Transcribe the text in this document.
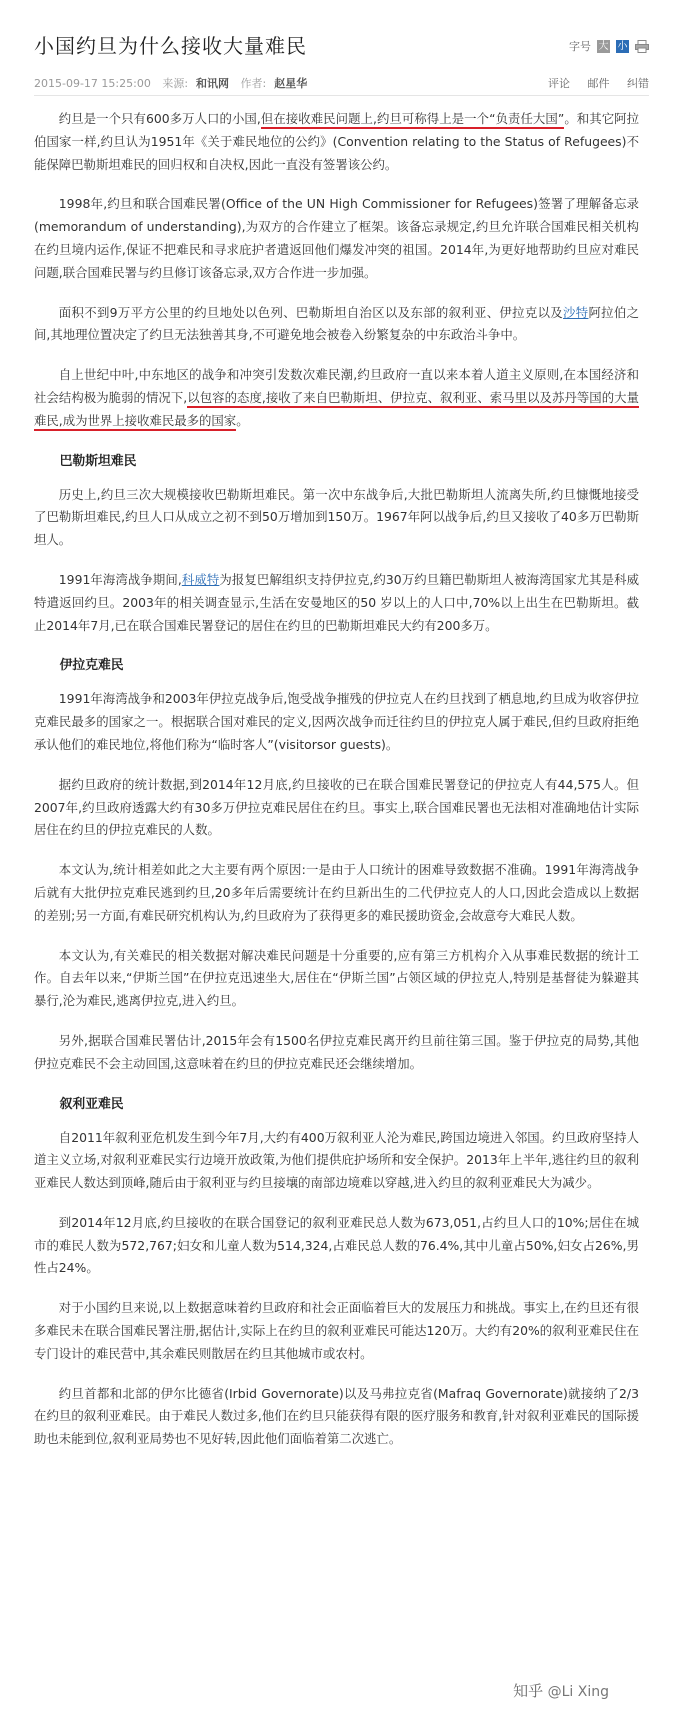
小国约旦为什么接收大量难民	字号 大 小
2015-09-17 15:25:00 来源: 和讯网 作者: 赵星华	评论 邮件 纠错

约旦是一个只有600多万人口的小国,但在接收难民问题上,约旦可称得上是一个“负责任大国”。和其它阿拉伯国家一样,约旦认为1951年《关于难民地位的公约》(Convention relating to the Status of Refugees)不能保障巴勒斯坦难民的回归权和自决权,因此一直没有签署该公约。

1998年,约旦和联合国难民署(Office of the UN High Commissioner for Refugees)签署了理解备忘录(memorandum of understanding),为双方的合作建立了框架。该备忘录规定,约旦允许联合国难民相关机构在约旦境内运作,保证不把难民和寻求庇护者遣返回他们爆发冲突的祖国。2014年,为更好地帮助约旦应对难民问题,联合国难民署与约旦修订该备忘录,双方合作进一步加强。

面积不到9万平方公里的约旦地处以色列、巴勒斯坦自治区以及东部的叙利亚、伊拉克以及沙特阿拉伯之间,其地理位置决定了约旦无法独善其身,不可避免地会被卷入纷繁复杂的中东政治斗争中。

自上世纪中叶,中东地区的战争和冲突引发数次难民潮,约旦政府一直以来本着人道主义原则,在本国经济和社会结构极为脆弱的情况下,以包容的态度,接收了来自巴勒斯坦、伊拉克、叙利亚、索马里以及苏丹等国的大量难民,成为世界上接收难民最多的国家。

巴勒斯坦难民

历史上,约旦三次大规模接收巴勒斯坦难民。第一次中东战争后,大批巴勒斯坦人流离失所,约旦慷慨地接受了巴勒斯坦难民,约旦人口从成立之初不到50万增加到150万。1967年阿以战争后,约旦又接收了40多万巴勒斯坦人。

1991年海湾战争期间,科威特为报复巴解组织支持伊拉克,约30万约旦籍巴勒斯坦人被海湾国家尤其是科威特遣返回约旦。2003年的相关调查显示,生活在安曼地区的50 岁以上的人口中,70%以上出生在巴勒斯坦。截止2014年7月,已在联合国难民署登记的居住在约旦的巴勒斯坦难民大约有200多万。

伊拉克难民

1991年海湾战争和2003年伊拉克战争后,饱受战争摧残的伊拉克人在约旦找到了栖息地,约旦成为收容伊拉克难民最多的国家之一。根据联合国对难民的定义,因两次战争而迁往约旦的伊拉克人属于难民,但约旦政府拒绝承认他们的难民地位,将他们称为“临时客人”(visitorsor guests)。

据约旦政府的统计数据,到2014年12月底,约旦接收的已在联合国难民署登记的伊拉克人有44,575人。但2007年,约旦政府透露大约有30多万伊拉克难民居住在约旦。事实上,联合国难民署也无法相对准确地估计实际居住在约旦的伊拉克难民的人数。

本文认为,统计相差如此之大主要有两个原因:一是由于人口统计的困难导致数据不准确。1991年海湾战争后就有大批伊拉克难民逃到约旦,20多年后需要统计在约旦新出生的二代伊拉克人的人口,因此会造成以上数据的差别;另一方面,有难民研究机构认为,约旦政府为了获得更多的难民援助资金,会故意夸大难民人数。

本文认为,有关难民的相关数据对解决难民问题是十分重要的,应有第三方机构介入从事难民数据的统计工作。自去年以来,“伊斯兰国”在伊拉克迅速坐大,居住在“伊斯兰国”占领区域的伊拉克人,特别是基督徒为躲避其暴行,沦为难民,逃离伊拉克,进入约旦。

另外,据联合国难民署估计,2015年会有1500名伊拉克难民离开约旦前往第三国。鉴于伊拉克的局势,其他伊拉克难民不会主动回国,这意味着在约旦的伊拉克难民还会继续增加。

叙利亚难民

自2011年叙利亚危机发生到今年7月,大约有400万叙利亚人沦为难民,跨国边境进入邻国。约旦政府坚持人道主义立场,对叙利亚难民实行边境开放政策,为他们提供庇护场所和安全保护。2013年上半年,逃往约旦的叙利亚难民人数达到顶峰,随后由于叙利亚与约旦接壤的南部边境难以穿越,进入约旦的叙利亚难民大为减少。

到2014年12月底,约旦接收的在联合国登记的叙利亚难民总人数为673,051,占约旦人口的10%;居住在城市的难民人数为572,767;妇女和儿童人数为514,324,占难民总人数的76.4%,其中儿童占50%,妇女占26%,男性占24%。

对于小国约旦来说,以上数据意味着约旦政府和社会正面临着巨大的发展压力和挑战。事实上,在约旦还有很多难民未在联合国难民署注册,据估计,实际上在约旦的叙利亚难民可能达120万。大约有20%的叙利亚难民住在专门设计的难民营中,其余难民则散居在约旦其他城市或农村。

约旦首都和北部的伊尔比德省(Irbid Governorate)以及马弗拉克省(Mafraq Governorate)就接纳了2/3在约旦的叙利亚难民。由于难民人数过多,他们在约旦只能获得有限的医疗服务和教育,针对叙利亚难民的国际援助也未能到位,叙利亚局势也不见好转,因此他们面临着第二次逃亡。

知乎 @Li Xing
